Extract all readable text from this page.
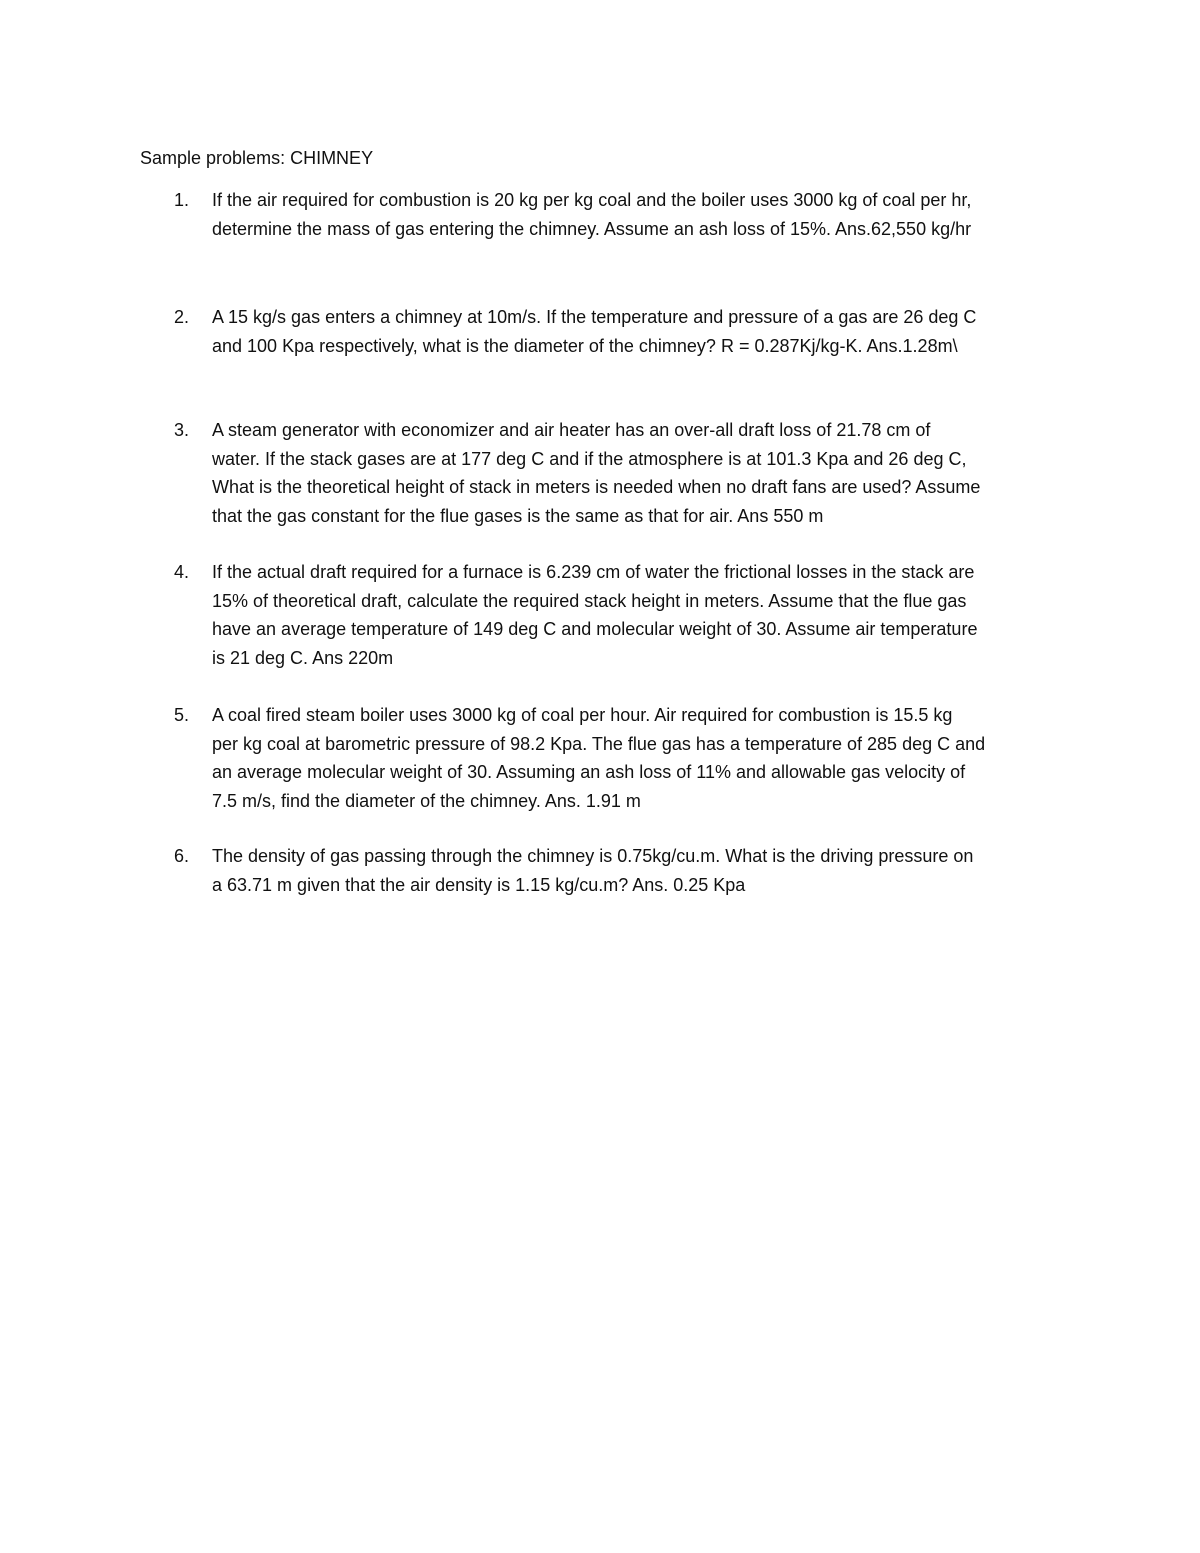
Sample problems: CHIMNEY
1.	If the air required for combustion is 20 kg per kg coal and the boiler uses 3000 kg of coal per hr,
determine the mass of gas entering the chimney. Assume an ash loss of 15%. Ans.62,550 kg/hr
2.	A 15 kg/s gas enters a chimney at 10m/s. If the temperature and pressure of a gas are 26 deg C
and 100 Kpa respectively, what is the diameter of the chimney? R = 0.287Kj/kg-K. Ans.1.28m\
3.	A steam generator with economizer and air heater has an over-all draft loss of 21.78 cm of
water. If the stack gases are at 177 deg C and if the atmosphere is at 101.3 Kpa and 26 deg C,
What is the theoretical height of stack in meters is needed when no draft fans are used? Assume
that the gas constant for the flue gases is the same as that for air. Ans 550 m
4.	If the actual draft required for a furnace is 6.239 cm of water the frictional losses in the stack are
15% of theoretical draft, calculate the required stack height in meters. Assume that the flue gas
have an average temperature of 149 deg C and molecular weight of 30. Assume air temperature
is 21 deg C. Ans 220m
5.	A coal fired steam boiler uses 3000 kg of coal per hour. Air required for combustion is 15.5 kg
per kg coal at barometric pressure of 98.2 Kpa. The flue gas has a temperature of 285 deg C and
an average molecular weight of 30. Assuming an ash loss of 11% and allowable gas velocity of
7.5 m/s, find the diameter of the chimney. Ans. 1.91 m
6.	The density of gas passing through the chimney is 0.75kg/cu.m. What is the driving pressure on
a 63.71 m given that the air density is 1.15 kg/cu.m? Ans. 0.25 Kpa
